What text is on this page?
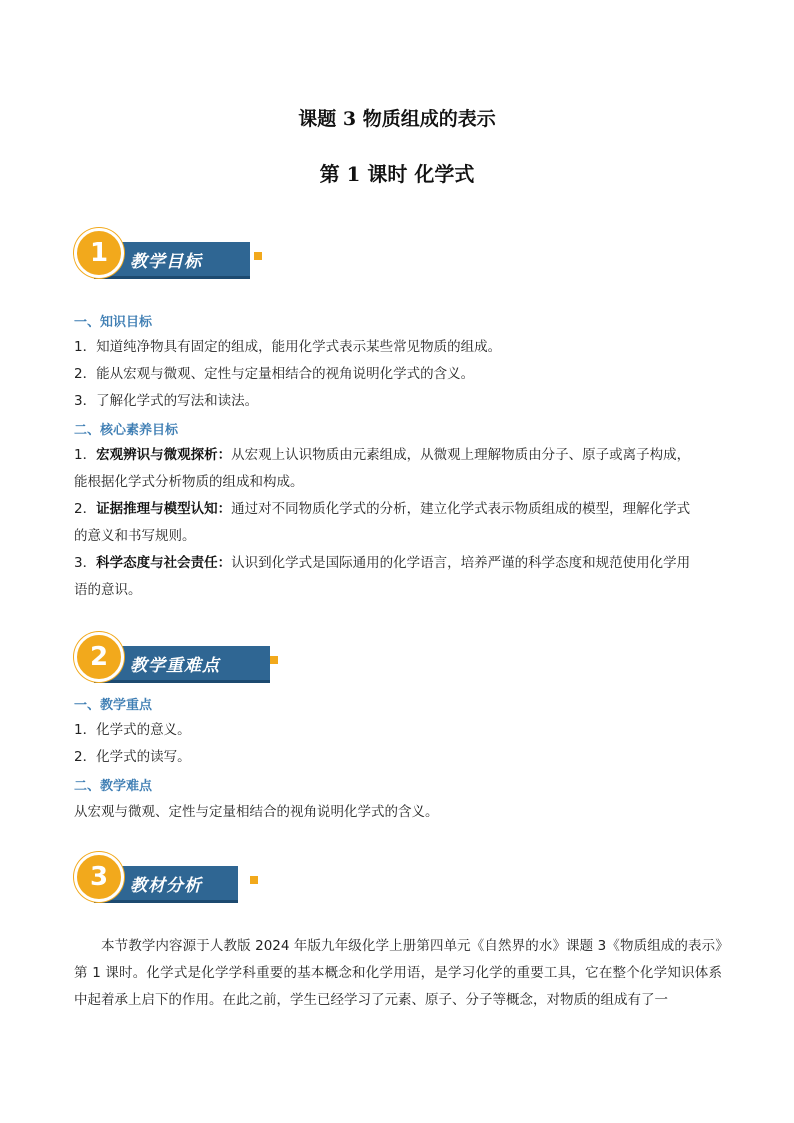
课题 3 物质组成的表示
第 1 课时 化学式
教学目标
1
一、知识目标
1．知道纯净物具有固定的组成，能用化学式表示某些常见物质的组成。
2．能从宏观与微观、定性与定量相结合的视角说明化学式的含义。
3．了解化学式的写法和读法。
二、核心素养目标
1．宏观辨识与微观探析：从宏观上认识物质由元素组成，从微观上理解物质由分子、原子或离子构成，
能根据化学式分析物质的组成和构成。
2．证据推理与模型认知：通过对不同物质化学式的分析，建立化学式表示物质组成的模型，理解化学式
的意义和书写规则。
3．科学态度与社会责任：认识到化学式是国际通用的化学语言，培养严谨的科学态度和规范使用化学用
语的意识。
教学重难点
2
一、教学重点
1．化学式的意义。
2．化学式的读写。
二、教学难点
从宏观与微观、定性与定量相结合的视角说明化学式的含义。
教材分析
3
本节教学内容源于人教版 2024 年版九年级化学上册第四单元《自然界的水》课题 3《物质组成的表示》第 1 课时。化学式是化学学科重要的基本概念和化学用语，是学习化学的重要工具，它在整个化学知识体系中起着承上启下的作用。在此之前，学生已经学习了元素、原子、分子等概念，对物质的组成有了一
